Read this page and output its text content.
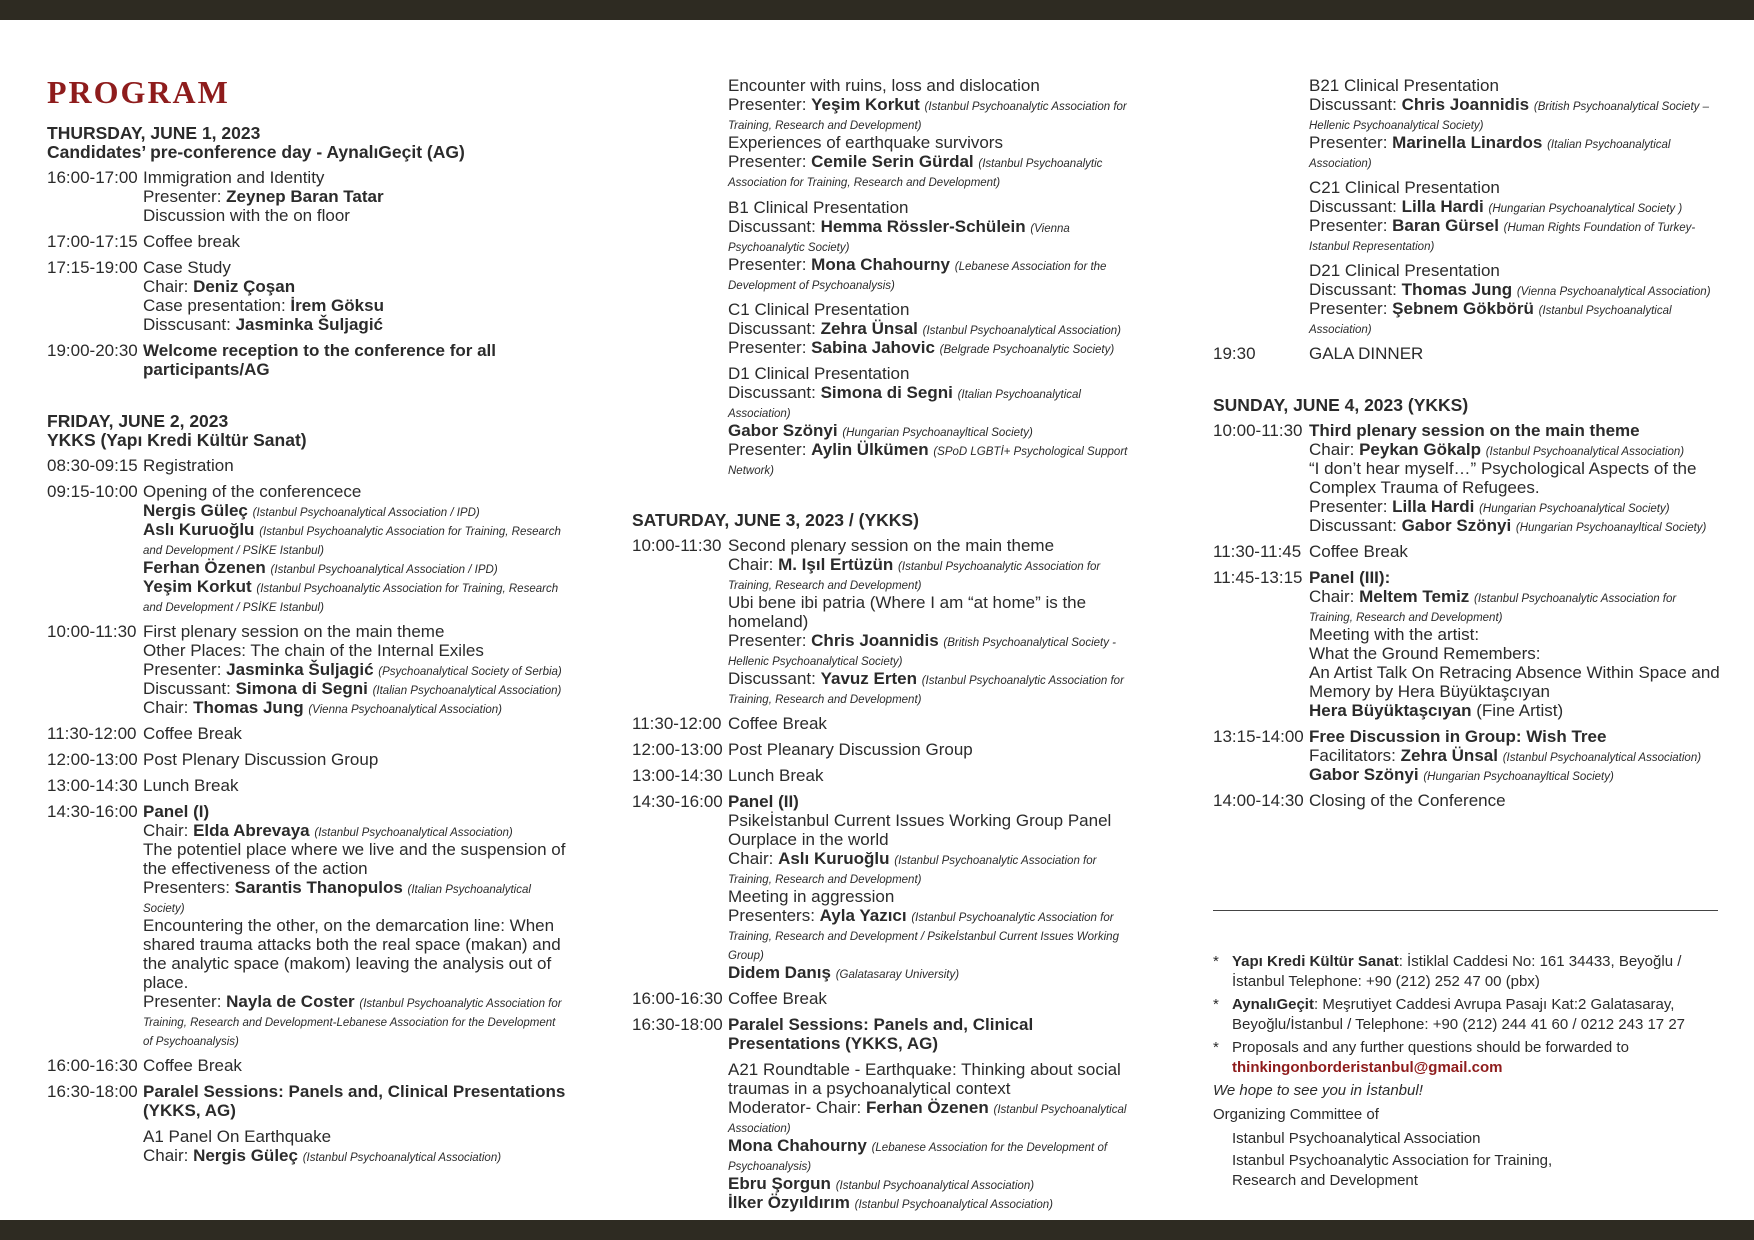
PROGRAM
THURSDAY, JUNE 1, 2023
Candidates’ pre-conference day - AynalıGeçit (AG)
16:00-17:00 Immigration and Identity
Presenter: Zeynep Baran Tatar
Discussion with the on floor
17:00-17:15 Coffee break
17:15-19:00 Case Study
Chair: Deniz Çoşan
Case presentation: İrem Göksu
Disscusant: Jasminka Šuljagić
19:00-20:30 Welcome reception to the conference for all participants/AG
FRIDAY, JUNE 2, 2023
YKKS (Yapı Kredi Kültür Sanat)
08:30-09:15 Registration
09:15-10:00 Opening of the conferencece
Nergis Güleç (Istanbul Psychoanalytical Association / IPD)
Aslı Kuruoğlu (Istanbul Psychoanalytic Association for Training, Research and Development / PSİKE Istanbul)
Ferhan Özenen (Istanbul Psychoanalytical Association / IPD)
Yeşim Korkut (Istanbul Psychoanalytic Association for Training, Research and Development / PSİKE Istanbul)
10:00-11:30 First plenary session on the main theme
Other Places: The chain of the Internal Exiles
Presenter: Jasminka Šuljagić (Psychoanalytical Society of Serbia)
Discussant: Simona di Segni (Italian Psychoanalytical Association)
Chair: Thomas Jung (Vienna Psychoanalytical Association)
11:30-12:00 Coffee Break
12:00-13:00 Post Plenary Discussion Group
13:00-14:30 Lunch Break
14:30-16:00 Panel (I)
Chair: Elda Abrevaya (Istanbul Psychoanalytical Association)
The potentiel place where we live and the suspension of the effectiveness of the action
Presenters: Sarantis Thanopulos (Italian Psychoanalytical Society)
Encountering the other, on the demarcation line: When shared trauma attacks both the real space (makan) and the analytic space (makom) leaving the analysis out of place.
Presenter: Nayla de Coster (Istanbul Psychoanalytic Association for Training, Research and Development-Lebanese Association for the Development of Psychoanalysis)
16:00-16:30 Coffee Break
16:30-18:00 Paralel Sessions: Panels and, Clinical Presentations (YKKS, AG)
A1 Panel On Earthquake
Chair: Nergis Güleç (Istanbul Psychoanalytical Association)
Encounter with ruins, loss and dislocation
Presenter: Yeşim Korkut (Istanbul Psychoanalytic Association for Training, Research and Development)
Experiences of earthquake survivors
Presenter: Cemile Serin Gürdal (Istanbul Psychoanalytic Association for Training, Research and Development)
B1 Clinical Presentation
Discussant: Hemma Rössler-Schülein (Vienna Psychoanalytic Society)
Presenter: Mona Chahourny (Lebanese Association for the Development of Psychoanalysis)
C1 Clinical Presentation
Discussant: Zehra Ünsal (Istanbul Psychoanalytical Association)
Presenter: Sabina Jahovic (Belgrade Psychoanalytic Society)
D1 Clinical Presentation
Discussant: Simona di Segni (Italian Psychoanalytical Association)
Gabor Szönyi (Hungarian Psychoanayltical Society)
Presenter: Aylin Ülkümen (SPoD LGBTİ+ Psychological Support Network)
SATURDAY, JUNE 3, 2023 / (YKKS)
10:00-11:30 Second plenary session on the main theme
Chair: M. Işıl Ertüzün (Istanbul Psychoanalytic Association for Training, Research and Development)
Ubi bene ibi patria (Where I am “at home” is the homeland)
Presenter: Chris Joannidis (British Psychoanalytical Society - Hellenic Psychoanalytical Society)
Discussant: Yavuz Erten (Istanbul Psychoanalytic Association for Training, Research and Development)
11:30-12:00 Coffee Break
12:00-13:00 Post Pleanary Discussion Group
13:00-14:30 Lunch Break
14:30-16:00 Panel (II)
Psikeİstanbul Current Issues Working Group Panel
Ourplace in the world
Chair: Aslı Kuruoğlu (Istanbul Psychoanalytic Association for Training, Research and Development)
Meeting in aggression
Presenters: Ayla Yazıcı (Istanbul Psychoanalytic Association for Training, Research and Development / Psikeİstanbul Current Issues Working Group)
Didem Danış (Galatasaray University)
16:00-16:30 Coffee Break
16:30-18:00 Paralel Sessions: Panels and, Clinical Presentations (YKKS, AG)
A21 Roundtable - Earthquake: Thinking about social traumas in a psychoanalytical context
Moderator- Chair: Ferhan Özenen (Istanbul Psychoanalytical Association)
Mona Chahourny (Lebanese Association for the Development of Psychoanalysis)
Ebru Şorgun (Istanbul Psychoanalytical Association)
İlker Özyıldırım (Istanbul Psychoanalytical Association)
B21 Clinical Presentation
Discussant: Chris Joannidis (British Psychoanalytical Society – Hellenic Psychoanalytical Society)
Presenter: Marinella Linardos (Italian Psychoanalytical Association)
C21 Clinical Presentation
Discussant: Lilla Hardi (Hungarian Psychoanalytical Society )
Presenter: Baran Gürsel (Human Rights Foundation of Turkey-Istanbul Representation)
D21 Clinical Presentation
Discussant: Thomas Jung (Vienna Psychoanalytical Association)
Presenter: Şebnem Gökbörü (Istanbul Psychoanalytical Association)
19:30	GALA DINNER
SUNDAY, JUNE 4, 2023 (YKKS)
10:00-11:30 Third plenary session on the main theme
Chair: Peykan Gökalp (Istanbul Psychoanalytical Association)
“I don’t hear myself…” Psychological Aspects of the Complex Trauma of Refugees.
Presenter: Lilla Hardi (Hungarian Psychoanalytical Society)
Discussant: Gabor Szönyi (Hungarian Psychoanayltical Society)
11:30-11:45 Coffee Break
11:45-13:15 Panel (III):
Chair: Meltem Temiz (Istanbul Psychoanalytic Association for Training, Research and Development)
Meeting with the artist:
What the Ground Remembers:
An Artist Talk On Retracing Absence Within Space and Memory by Hera Büyüktaşcıyan
Hera Büyüktaşcıyan (Fine Artist)
13:15-14:00 Free Discussion in Group: Wish Tree
Facilitators: Zehra Ünsal (Istanbul Psychoanalytical Association)
Gabor Szönyi (Hungarian Psychoanayltical Society)
14:00-14:30 Closing of the Conference
* Yapı Kredi Kültür Sanat: İstiklal Caddesi No: 161 34433, Beyoğlu / İstanbul Telephone: +90 (212) 252 47 00 (pbx)
* AynalıGeçit: Meşrutiyet Caddesi Avrupa Pasajı Kat:2 Galatasaray, Beyoğlu/İstanbul / Telephone: +90 (212) 244 41 60 / 0212 243 17 27
* Proposals and any further questions should be forwarded to
thinkingonborderistanbul@gmail.com
We hope to see you in İstanbul!
Organizing Committee of
Istanbul Psychoanalytical Association
Istanbul Psychoanalytic Association for Training, Research and Development
